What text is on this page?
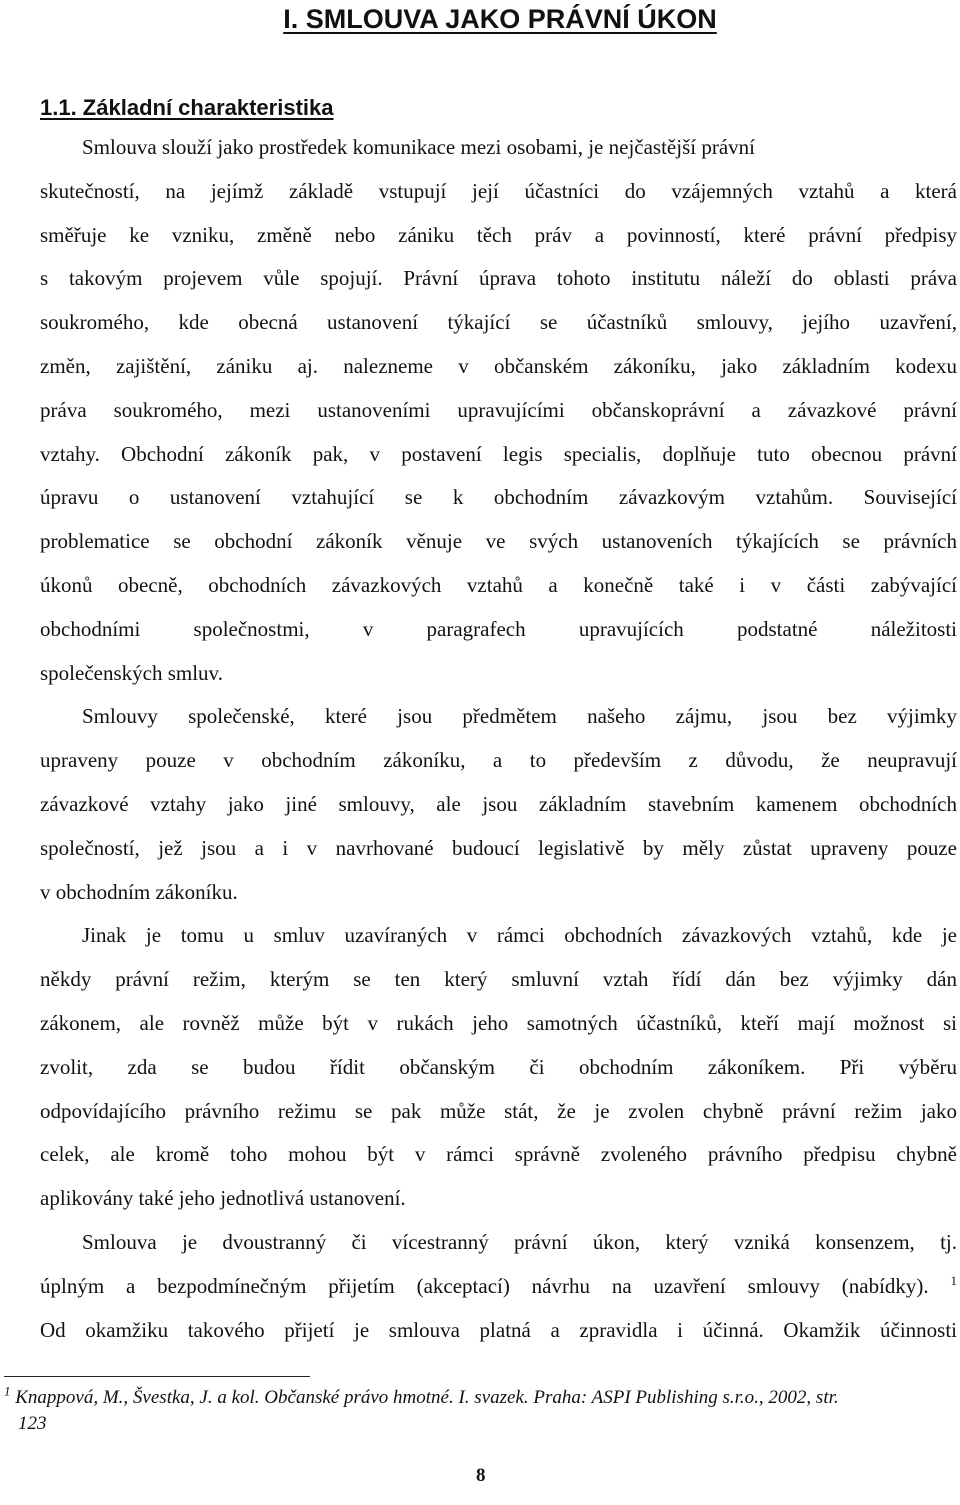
I. SMLOUVA JAKO PRÁVNÍ ÚKON
1.1. Základní charakteristika
Smlouva slouží jako prostředek komunikace mezi osobami, je nejčastější právní
skutečností, na jejímž základě vstupují její účastníci do vzájemných vztahů a která
směřuje ke vzniku, změně nebo zániku těch práv a povinností, které právní předpisy
s takovým projevem vůle spojují. Právní úprava tohoto institutu náleží do oblasti práva
soukromého, kde obecná ustanovení týkající se účastníků smlouvy, jejího uzavření,
změn, zajištění, zániku aj. nalezneme v občanském zákoníku, jako základním kodexu
práva soukromého, mezi ustanoveními upravujícími občanskoprávní a závazkové právní
vztahy. Obchodní zákoník pak, v postavení legis specialis, doplňuje tuto obecnou právní
úpravu o ustanovení vztahující se k obchodním závazkovým vztahům. Související
problematice se obchodní zákoník věnuje ve svých ustanoveních týkajících se právních
úkonů obecně, obchodních závazkových vztahů a konečně také i v části zabývající
obchodními společnostmi, v paragrafech upravujících podstatné náležitosti
společenských smluv.
Smlouvy společenské, které jsou předmětem našeho zájmu, jsou bez výjimky
upraveny pouze v obchodním zákoníku, a to především z důvodu, že neupravují
závazkové vztahy jako jiné smlouvy, ale jsou základním stavebním kamenem obchodních
společností, jež jsou a i v navrhované budoucí legislativě by měly zůstat upraveny pouze
v obchodním zákoníku.
Jinak je tomu u smluv uzavíraných v rámci obchodních závazkových vztahů, kde je
někdy právní režim, kterým se ten který smluvní vztah řídí dán bez výjimky dán
zákonem, ale rovněž může být v rukách jeho samotných účastníků, kteří mají možnost si
zvolit, zda se budou řídit občanským či obchodním zákoníkem. Při výběru
odpovídajícího právního režimu se pak může stát, že je zvolen chybně právní režim jako
celek, ale kromě toho mohou být v rámci správně zvoleného právního předpisu chybně
aplikovány také jeho jednotlivá ustanovení.
Smlouva je dvoustranný či vícestranný právní úkon, který vzniká konsenzem, tj.
úplným a bezpodmínečným přijetím (akceptací) návrhu na uzavření smlouvy (nabídky). $^1$
Od okamžiku takového přijetí je smlouva platná a zpravidla i účinná. Okamžik účinnosti
$^1$ Knappová, M., Švestka, J. a kol. Občanské právo hmotné. I. svazek. Praha: ASPI Publishing s.r.o., 2002, str.
123
8
